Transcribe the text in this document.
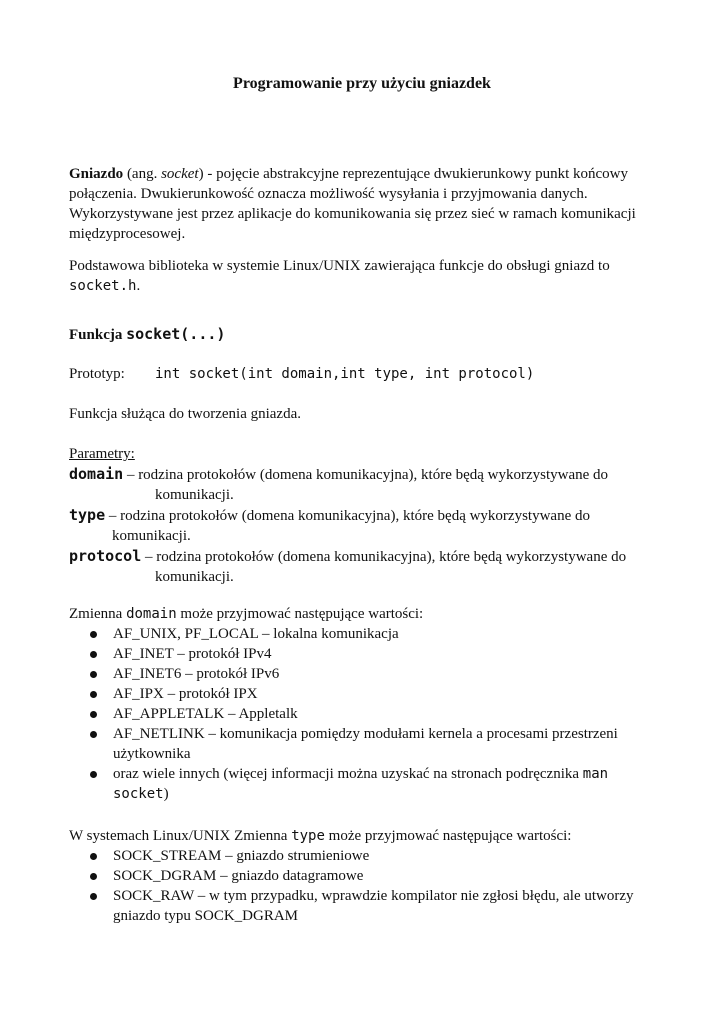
Programowanie przy użyciu gniazdek
Gniazdo (ang. socket) - pojęcie abstrakcyjne reprezentujące dwukierunkowy punkt końcowy połączenia. Dwukierunkowość oznacza możliwość wysyłania i przyjmowania danych. Wykorzystywane jest przez aplikacje do komunikowania się przez sieć w ramach komunikacji międzyprocesowej.
Podstawowa biblioteka w systemie Linux/UNIX zawierająca funkcje do obsługi gniazd to socket.h.
Funkcja socket(...)
Prototyp: int socket(int domain,int type, int protocol)
Funkcja służąca do tworzenia gniazda.
Parametry:
domain – rodzina protokołów (domena komunikacyjna), które będą wykorzystywane do
komunikacji.
type – rodzina protokołów (domena komunikacyjna), które będą wykorzystywane do
komunikacji.
protocol – rodzina protokołów (domena komunikacyjna), które będą wykorzystywane do
komunikacji.
Zmienna domain może przyjmować następujące wartości:
AF_UNIX, PF_LOCAL – lokalna komunikacja
AF_INET – protokół IPv4
AF_INET6 – protokół IPv6
AF_IPX – protokół IPX
AF_APPLETALK – Appletalk
AF_NETLINK – komunikacja pomiędzy modułami kernela a procesami przestrzeni użytkownika
oraz wiele innych (więcej informacji można uzyskać na stronach podręcznika man socket)
W systemach Linux/UNIX Zmienna type może przyjmować następujące wartości:
SOCK_STREAM – gniazdo strumieniowe
SOCK_DGRAM – gniazdo datagramowe
SOCK_RAW – w tym przypadku, wprawdzie kompilator nie zgłosi błędu, ale utworzy gniazdo typu SOCK_DGRAM
